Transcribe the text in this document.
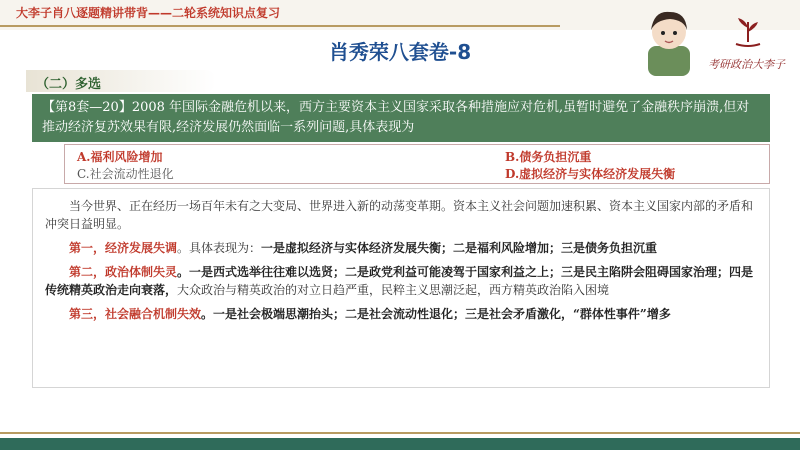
大李子肖八逐题精讲带背——二轮系统知识点复习
肖秀荣八套卷-8
考研政治大李子
（二）多选
【第8套—20】2008 年国际金融危机以来，西方主要资本主义国家采取各种措施应对危机,虽暂时避免了金融秩序崩溃,但对推动经济复苏效果有限,经济发展仍然面临一系列问题,具体表现为
A.福利风险增加	B.债务负担沉重
C.社会流动性退化	D.虚拟经济与实体经济发展失衡

当今世界、正在经历一场百年未有之大变局、世界进入新的动荡变革期。资本主义社会问题加速积累、资本主义国家内部的矛盾和冲突日益明显。

第一，经济发展失调。具体表现为：一是虚拟经济与实体经济发展失衡；二是福利风险增加；三是债务负担沉重

第二，政治体制失灵。一是西式选举往往难以选贤；二是政党利益可能凌驾于国家利益之上；三是民主陷阱会阻碍国家治理；四是传统精英政治走向衰落，大众政治与精英政治的对立日趋严重，民粹主义思潮泛起，西方精英政治陷入困境

第三，社会融合机制失效。一是社会极端思潮抬头；二是社会流动性退化；三是社会矛盾激化，“群体性事件”增多
